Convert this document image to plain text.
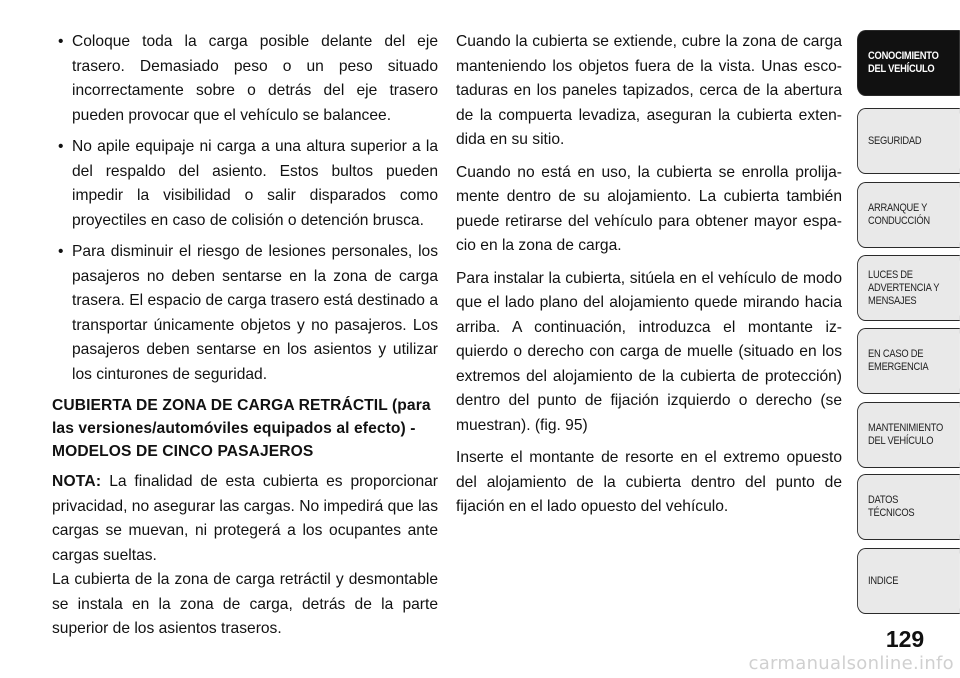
• Coloque toda la carga posible delante del eje trasero. Demasiado peso o un peso situado incorrectamente sobre o detrás del eje trasero pueden provocar que el vehículo se balancee.
• No apile equipaje ni carga a una altura superior a la del respaldo del asiento. Estos bultos pueden impedir la visibilidad o salir disparados como proyectiles en caso de colisión o detención brusca.
• Para disminuir el riesgo de lesiones personales, los pasajeros no deben sentarse en la zona de carga trasera. El espacio de carga trasero está destinado a transportar únicamente objetos y no pasajeros. Los pasajeros deben sentarse en los asientos y utilizar los cinturones de seguridad.
CUBIERTA DE ZONA DE CARGA RETRÁCTIL (para las versiones/automóviles equipados al efecto) - MODELOS DE CINCO PASAJEROS

NOTA: La finalidad de esta cubierta es proporcionar privacidad, no asegurar las cargas. No impedirá que las cargas se muevan, ni protegerá a los ocupantes ante cargas sueltas.

La cubierta de la zona de carga retráctil y desmontable se instala en la zona de carga, detrás de la parte superior de los asientos traseros.

Cuando la cubierta se extiende, cubre la zona de carga manteniendo los objetos fuera de la vista. Unas esco-taduras en los paneles tapizados, cerca de la abertura de la compuerta levadiza, aseguran la cubierta exten-dida en su sitio.

Cuando no está en uso, la cubierta se enrolla prolija-mente dentro de su alojamiento. La cubierta también puede retirarse del vehículo para obtener mayor espa-cio en la zona de carga.

Para instalar la cubierta, sitúela en el vehículo de modo que el lado plano del alojamiento quede mirando hacia arriba. A continuación, introduzca el montante iz-quierdo o derecho con carga de muelle (situado en los extremos del alojamiento de la cubierta de protección) dentro del punto de fijación izquierdo o derecho (se muestran). (fig. 95)

Inserte el montante de resorte en el extremo opuesto del alojamiento de la cubierta dentro del punto de fijación en el lado opuesto del vehículo.

CONOCIMIENTO
DEL VEHÍCULO
SEGURIDAD
ARRANQUE Y
CONDUCCIÓN
LUCES DE
ADVERTENCIA Y
MENSAJES
EN CASO DE
EMERGENCIA
MANTENIMIENTO
DEL VEHÍCULO
DATOS
TÉCNICOS
INDICE
129
carmanualsonline.info
